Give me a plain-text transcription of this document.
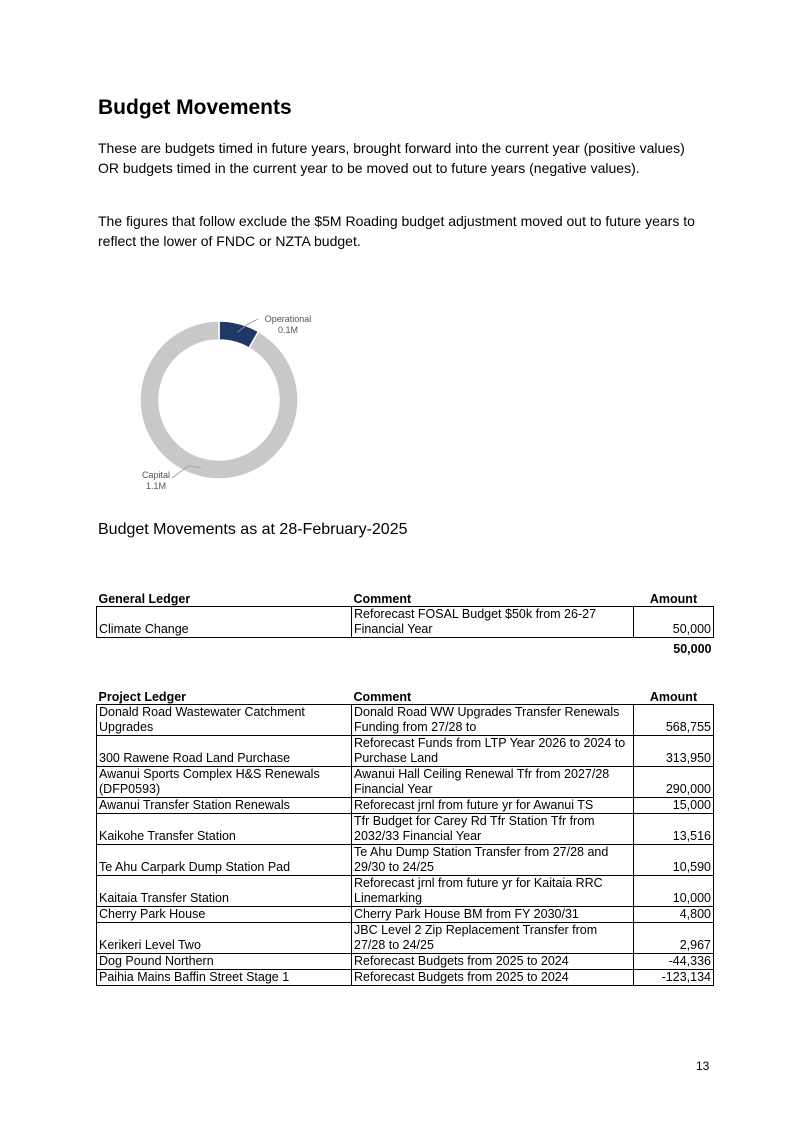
Budget Movements
These are budgets timed in future years, brought forward into the current year (positive values) OR budgets timed in the current year to be moved out to future years (negative values).
The figures that follow exclude the $5M Roading budget adjustment moved out to future years to reflect the lower of FNDC or NZTA budget.
Operational
0.1M
Capital
1.1M
Budget Movements as at 28-February-2025
General Ledger	Comment	Amount
Climate Change	Reforecast FOSAL Budget $50k from 26-27 Financial Year	50,000
		50,000
Project Ledger	Comment	Amount
Donald Road Wastewater Catchment Upgrades	Donald Road WW Upgrades Transfer Renewals Funding from 27/28 to	568,755
300 Rawene Road Land Purchase	Reforecast Funds from LTP Year 2026 to 2024 to Purchase Land	313,950
Awanui Sports Complex H&S Renewals (DFP0593)	Awanui Hall Ceiling Renewal Tfr from 2027/28 Financial Year	290,000
Awanui Transfer Station Renewals	Reforecast jrnl from future yr for Awanui TS	15,000
Kaikohe Transfer Station	Tfr Budget for Carey Rd Tfr Station Tfr from 2032/33 Financial Year	13,516
Te Ahu Carpark Dump Station Pad	Te Ahu Dump Station Transfer from 27/28 and 29/30 to 24/25	10,590
Kaitaia Transfer Station	Reforecast jrnl from future yr for Kaitaia RRC Linemarking	10,000
Cherry Park House	Cherry Park House BM from FY 2030/31	4,800
Kerikeri Level Two	JBC Level 2 Zip Replacement Transfer from 27/28 to 24/25	2,967
Dog Pound Northern	Reforecast Budgets from 2025 to 2024	-44,336
Paihia Mains Baffin Street Stage 1	Reforecast Budgets from 2025 to 2024	-123,134
13
